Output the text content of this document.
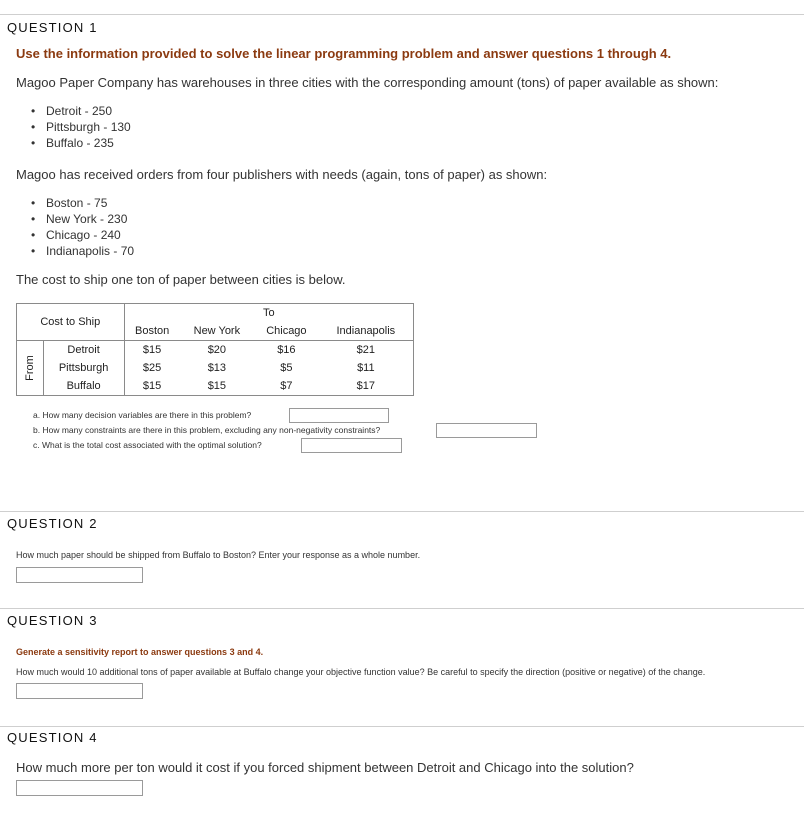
QUESTION 1
Use the information provided to solve the linear programming problem and answer questions 1 through 4.
Magoo Paper Company has warehouses in three cities with the corresponding amount (tons) of paper available as shown:
• Detroit - 250
• Pittsburgh - 130
• Buffalo - 235
Magoo has received orders from four publishers with needs (again, tons of paper) as shown:
• Boston - 75
• New York - 230
• Chicago - 240
• Indianapolis - 70
The cost to ship one ton of paper between cities is below.
Cost to Ship		To			
		Boston	New York	Chicago	Indianapolis
From	Detroit	$15	$20	$16	$21
	Pittsburgh	$25	$13	$5	$11
	Buffalo	$15	$15	$7	$17
a. How many decision variables are there in this problem?
b. How many constraints are there in this problem, excluding any non-negativity constraints?
c. What is the total cost associated with the optimal solution?
QUESTION 2
How much paper should be shipped from Buffalo to Boston? Enter your response as a whole number.
QUESTION 3
Generate a sensitivity report to answer questions 3 and 4.
How much would 10 additional tons of paper available at Buffalo change your objective function value? Be careful to specify the direction (positive or negative) of the change.
QUESTION 4
How much more per ton would it cost if you forced shipment between Detroit and Chicago into the solution?
